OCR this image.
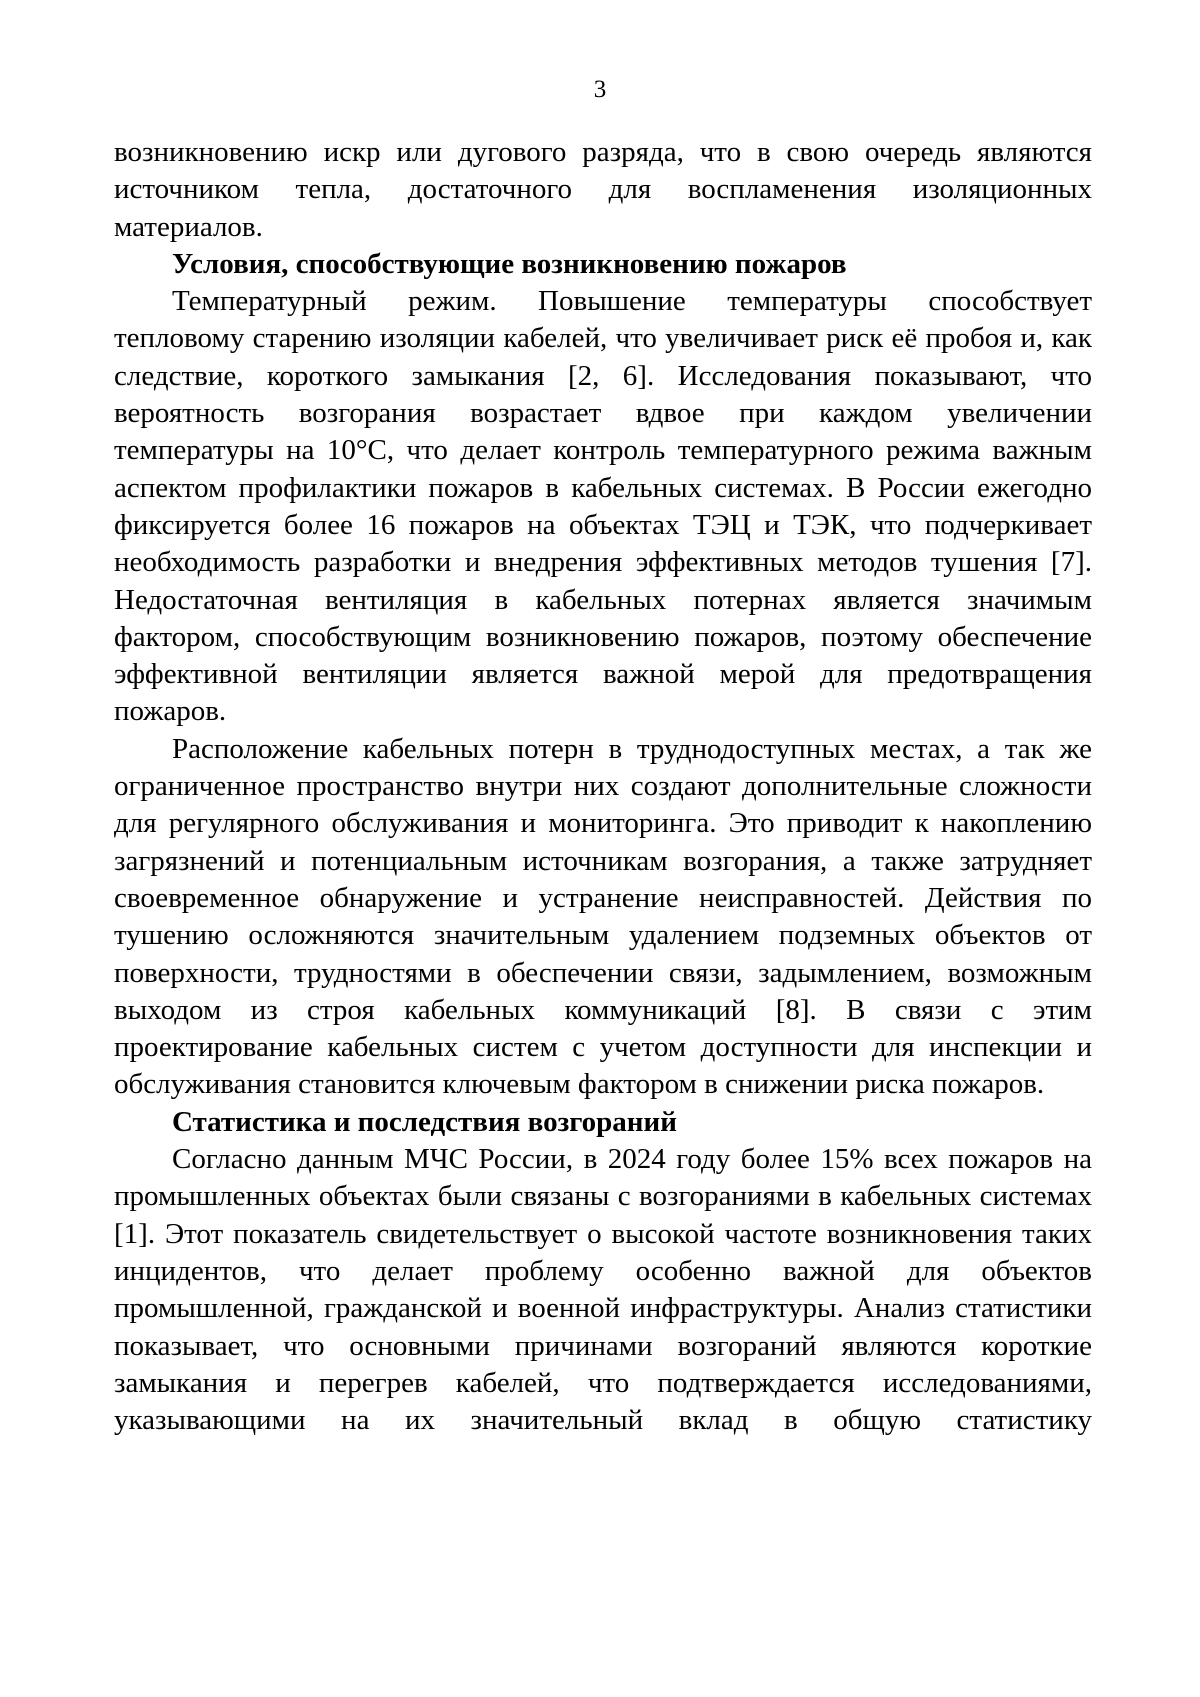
3

возникновению искр или дугового разряда, что в свою очередь являются источником тепла, достаточного для воспламенения изоляционных материалов.

Условия, способствующие возникновению пожаров

Температурный режим. Повышение температуры способствует тепловому старению изоляции кабелей, что увеличивает риск её пробоя и, как следствие, короткого замыкания [2, 6]. Исследования показывают, что вероятность возгорания возрастает вдвое при каждом увеличении температуры на 10°С, что делает контроль температурного режима важным аспектом профилактики пожаров в кабельных системах. В России ежегодно фиксируется более 16 пожаров на объектах ТЭЦ и ТЭК, что подчеркивает необходимость разработки и внедрения эффективных методов тушения [7]. Недостаточная вентиляция в кабельных потернах является значимым фактором, способствующим возникновению пожаров, поэтому обеспечение эффективной вентиляции является важной мерой для предотвращения пожаров.

Расположение кабельных потерн в труднодоступных местах, а так же ограниченное пространство внутри них создают дополнительные сложности для регулярного обслуживания и мониторинга. Это приводит к накоплению загрязнений и потенциальным источникам возгорания, а также затрудняет своевременное обнаружение и устранение неисправностей. Действия по тушению осложняются значительным удалением подземных объектов от поверхности, трудностями в обеспечении связи, задымлением, возможным выходом из строя кабельных коммуникаций [8]. В связи с этим проектирование кабельных систем с учетом доступности для инспекции и обслуживания становится ключевым фактором в снижении риска пожаров.

Статистика и последствия возгораний

Согласно данным МЧС России, в 2024 году более 15% всех пожаров на промышленных объектах были связаны с возгораниями в кабельных системах [1]. Этот показатель свидетельствует о высокой частоте возникновения таких инцидентов, что делает проблему особенно важной для объектов промышленной, гражданской и военной инфраструктуры. Анализ статистики показывает, что основными причинами возгораний являются короткие замыкания и перегрев кабелей, что подтверждается исследованиями, указывающими на их значительный вклад в общую статистику
